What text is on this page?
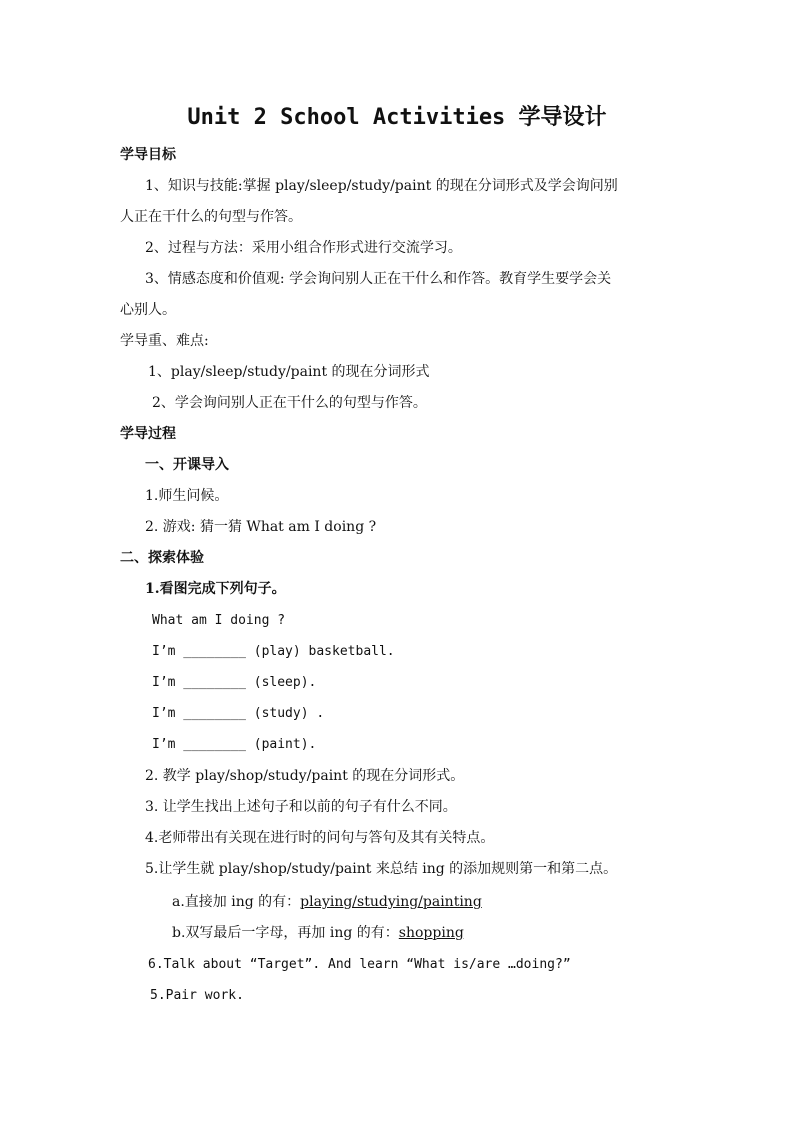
Unit 2 School Activities 学导设计
学导目标
1、知识与技能:掌握 play/sleep/study/paint 的现在分词形式及学会询问别
人正在干什么的句型与作答。
2、过程与方法：采用小组合作形式进行交流学习。
3、情感态度和价值观: 学会询问别人正在干什么和作答。教育学生要学会关
心别人。
学导重、难点:
1、play/sleep/study/paint 的现在分词形式
2、学会询问别人正在干什么的句型与作答。
学导过程
一、开课导入
1.师生问候。
2. 游戏: 猜一猜 What am I doing ?
二、探索体验
1.看图完成下列句子。
What am I doing ?
I’m ________ (play) basketball.
I’m ________ (sleep).
I’m ________ (study) .
I’m ________ (paint).
2. 教学 play/shop/study/paint 的现在分词形式。
3. 让学生找出上述句子和以前的句子有什么不同。
4.老师带出有关现在进行时的问句与答句及其有关特点。
5.让学生就 play/shop/study/paint 来总结 ing 的添加规则第一和第二点。
a.直接加 ing 的有：playing/studying/painting
b.双写最后一字母，再加 ing 的有：shopping
6.Talk about “Target”. And learn “What is/are …doing?”
5.Pair work.
